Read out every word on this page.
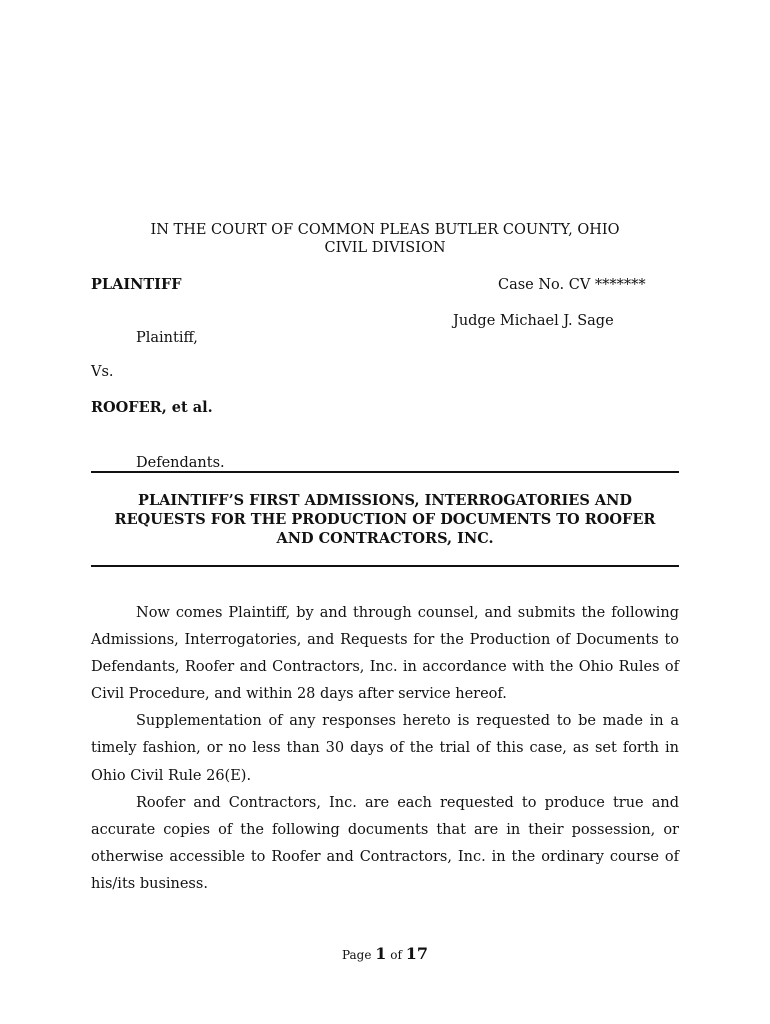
IN THE COURT OF COMMON PLEAS BUTLER COUNTY, OHIO
CIVIL DIVISION
PLAINTIFF	Case No. CV *******
Judge Michael J. Sage
Plaintiff,
Vs.
ROOFER, et al.
Defendants.
PLAINTIFF’S FIRST ADMISSIONS, INTERROGATORIES AND
REQUESTS FOR THE PRODUCTION OF DOCUMENTS TO ROOFER
AND CONTRACTORS, INC.

Now comes Plaintiff, by and through counsel, and submits the following Admissions, Interrogatories, and Requests for the Production of Documents to Defendants, Roofer and Contractors, Inc. in accordance with the Ohio Rules of Civil Procedure, and within 28 days after service hereof.

Supplementation of any responses hereto is requested to be made in a timely fashion, or no less than 30 days of the trial of this case, as set forth in Ohio Civil Rule 26(E).

Roofer and Contractors, Inc. are each requested to produce true and accurate copies of the following documents that are in their possession, or otherwise accessible to Roofer and Contractors, Inc. in the ordinary course of his/its business.

Page 1 of 17
